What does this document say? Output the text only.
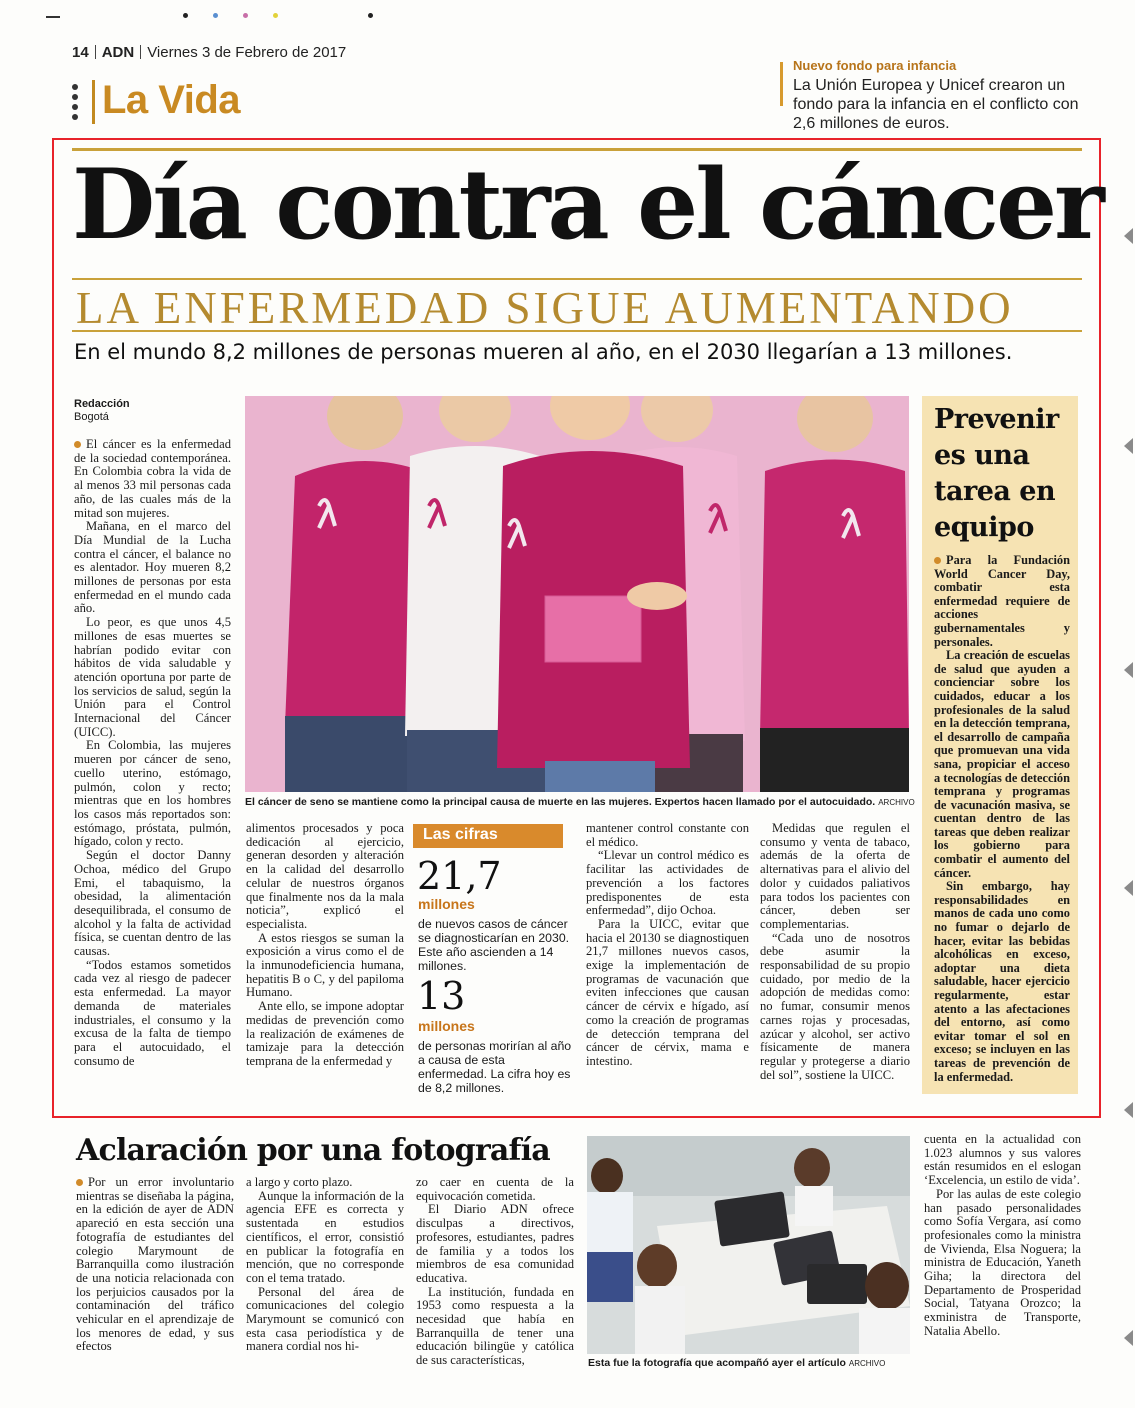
14 ADN Viernes 3 de Febrero de 2017
La Vida
Nuevo fondo para infancia
La Unión Europea y Unicef crearon un fondo para la infancia en el conflicto con 2,6 millones de euros.
Día contra el cáncer
LA ENFERMEDAD SIGUE AUMENTANDO
En el mundo 8,2 millones de personas mueren al año, en el 2030 llegarían a 13 millones.
Redacción
Bogotá

El cáncer es la enfermedad de la sociedad contemporánea. En Colombia cobra la vida de al menos 33 mil personas cada año, de las cuales más de la mitad son mujeres.

Mañana, en el marco del Día Mundial de la Lucha contra el cáncer, el balance no es alentador. Hoy mueren 8,2 millones de personas por esta enfermedad en el mundo cada año.

Lo peor, es que unos 4,5 millones de esas muertes se habrían podido evitar con hábitos de vida saludable y atención oportuna por parte de los servicios de salud, según la Unión para el Control Internacional del Cáncer (UICC).

En Colombia, las mujeres mueren por cáncer de seno, cuello uterino, estómago, pulmón, colon y recto; mientras que en los hombres los casos más reportados son: estómago, próstata, pulmón, hígado, colon y recto.

Según el doctor Danny Ochoa, médico del Grupo Emi, el tabaquismo, la obesidad, la alimentación desequilibrada, el consumo de alcohol y la falta de actividad física, se cuentan dentro de las causas.

“Todos estamos sometidos cada vez al riesgo de padecer esta enfermedad. La mayor demanda de materiales industriales, el consumo y la excusa de la falta de tiempo para el autocuidado, el consumo de

El cáncer de seno se mantiene como la principal causa de muerte en las mujeres. Expertos hacen llamado por el autocuidado. ARCHIVO

alimentos procesados y poca dedicación al ejercicio, generan desorden y alteración en la calidad del desarrollo celular de nuestros órganos que finalmente nos da la mala noticia”, explicó el especialista.

A estos riesgos se suman la exposición a virus como el de la inmunodeficiencia humana, hepatitis B o C, y del papiloma Humano.

Ante ello, se impone adoptar medidas de prevención como la realización de exámenes de tamizaje para la detección temprana de la enfermedad y

Las cifras
21,7
millones
de nuevos casos de cáncer se diagnosticarían en 2030. Este año ascienden a 14 millones.
13
millones
de personas morirían al año a causa de esta enfermedad. La cifra hoy es de 8,2 millones.

mantener control constante con el médico.

“Llevar un control médico es facilitar las actividades de prevención a los factores predisponentes de esta enfermedad”, dijo Ochoa.

Para la UICC, evitar que hacia el 20130 se diagnostiquen 21,7 millones nuevos casos, exige la implementación de programas de vacunación que eviten infecciones que causan cáncer de cérvix e hígado, así como la creación de programas de detección temprana del cáncer de cérvix, mama e intestino.

Medidas que regulen el consumo y venta de tabaco, además de la oferta de alternativas para el alivio del dolor y cuidados paliativos para todos los pacientes con cáncer, deben ser complementarias.

“Cada uno de nosotros debe asumir la responsabilidad de su propio cuidado, por medio de la adopción de medidas como: no fumar, consumir menos carnes rojas y procesadas, azúcar y alcohol, ser activo físicamente de manera regular y protegerse a diario del sol”, sostiene la UICC.

Prevenir es una tarea en equipo

Para la Fundación World Cancer Day, combatir esta enfermedad requiere de acciones gubernamentales y personales.

La creación de escuelas de salud que ayuden a concienciar sobre los cuidados, educar a los profesionales de la salud en la detección temprana, el desarrollo de campaña que promuevan una vida sana, propiciar el acceso a tecnologías de detección temprana y programas de vacunación masiva, se cuentan dentro de las tareas que deben realizar los gobierno para combatir el aumento del cáncer.

Sin embargo, hay responsabilidades en manos de cada uno como no fumar o dejarlo de hacer, evitar las bebidas alcohólicas en exceso, adoptar una dieta saludable, hacer ejercicio regularmente, estar atento a las afectaciones del entorno, así como evitar tomar el sol en exceso; se incluyen en las tareas de prevención de la enfermedad.

Aclaración por una fotografía

Por un error involuntario mientras se diseñaba la página, en la edición de ayer de ADN apareció en esta sección una fotografía de estudiantes del colegio Marymount de Barranquilla como ilustración de una noticia relacionada con los perjuicios causados por la contaminación del tráfico vehicular en el aprendizaje de los menores de edad, y sus efectos

a largo y corto plazo.

Aunque la información de la agencia EFE es correcta y sustentada en estudios científicos, el error, consistió en publicar la fotografía en mención, que no corresponde con el tema tratado.

Personal del área de comunicaciones del colegio Marymount se comunicó con esta casa periodística y de manera cordial nos hi-

zo caer en cuenta de la equivocación cometida.

El Diario ADN ofrece disculpas a directivos, profesores, estudiantes, padres de familia y a todos los miembros de esa comunidad educativa.

La institución, fundada en 1953 como respuesta a la necesidad que había en Barranquilla de tener una educación bilingüe y católica de sus características,	Esta fue la fotografía que acompañó ayer el artículo ARCHIVO

cuenta en la actualidad con 1.023 alumnos y sus valores están resumidos en el eslogan ‘Excelencia, un estilo de vida’.

Por las aulas de este colegio han pasado personalidades como Sofía Vergara, así como profesionales como la ministra de Vivienda, Elsa Noguera; la ministra de Educación, Yaneth Giha; la directora del Departamento de Prosperidad Social, Tatyana Orozco; la exministra de Transporte, Natalia Abello.
